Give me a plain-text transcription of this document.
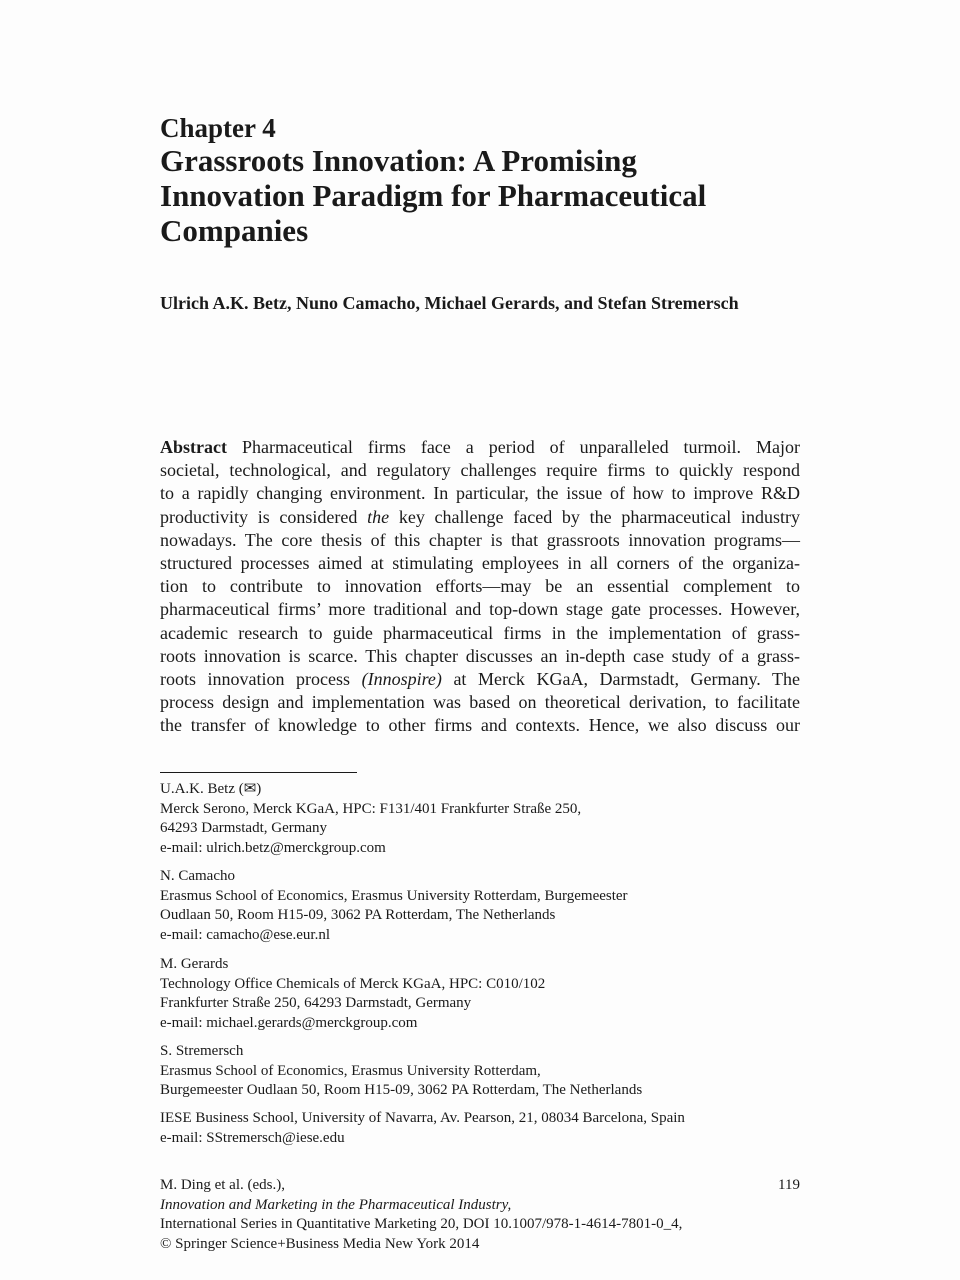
Chapter 4
Grassroots Innovation: A Promising
Innovation Paradigm for Pharmaceutical
Companies
Ulrich A.K. Betz, Nuno Camacho, Michael Gerards, and Stefan Stremersch
Abstract Pharmaceutical firms face a period of unparalleled turmoil. Major
societal, technological, and regulatory challenges require firms to quickly respond
to a rapidly changing environment. In particular, the issue of how to improve R&D
productivity is considered the key challenge faced by the pharmaceutical industry
nowadays. The core thesis of this chapter is that grassroots innovation programs—
structured processes aimed at stimulating employees in all corners of the organiza-
tion to contribute to innovation efforts—may be an essential complement to
pharmaceutical firms’ more traditional and top-down stage gate processes. However,
academic research to guide pharmaceutical firms in the implementation of grass-
roots innovation is scarce. This chapter discusses an in-depth case study of a grass-
roots innovation process (Innospire) at Merck KGaA, Darmstadt, Germany. The
process design and implementation was based on theoretical derivation, to facilitate
the transfer of knowledge to other firms and contexts. Hence, we also discuss our
U.A.K. Betz (✉)
Merck Serono, Merck KGaA, HPC: F131/401 Frankfurter Straße 250,
64293 Darmstadt, Germany
e-mail: ulrich.betz@merckgroup.com
N. Camacho
Erasmus School of Economics, Erasmus University Rotterdam, Burgemeester
Oudlaan 50, Room H15-09, 3062 PA Rotterdam, The Netherlands
e-mail: camacho@ese.eur.nl
M. Gerards
Technology Office Chemicals of Merck KGaA, HPC: C010/102
Frankfurter Straße 250, 64293 Darmstadt, Germany
e-mail: michael.gerards@merckgroup.com
S. Stremersch
Erasmus School of Economics, Erasmus University Rotterdam,
Burgemeester Oudlaan 50, Room H15-09, 3062 PA Rotterdam, The Netherlands
IESE Business School, University of Navarra, Av. Pearson, 21, 08034 Barcelona, Spain
e-mail: SStremersch@iese.edu
M. Ding et al. (eds.),
Innovation and Marketing in the Pharmaceutical Industry,
International Series in Quantitative Marketing 20, DOI 10.1007/978-1-4614-7801-0_4,
© Springer Science+Business Media New York 2014
119
